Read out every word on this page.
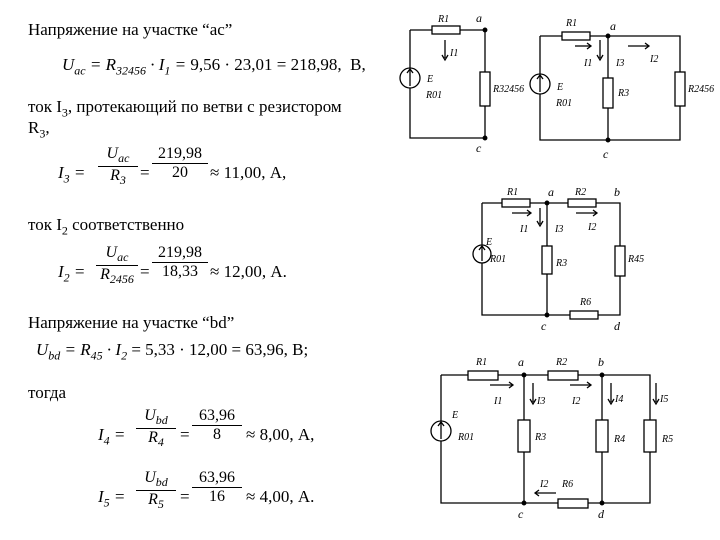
Напряжение на участке “ас”
$U_{ac} = R_{32456} \cdot I_1 = 9,56 \cdot 23,01 = 218,98$,  В,
ток $I_3$, протекающий по ветви с резистором
$R_3$,
$I_3$ =
$U_{ac}$
$R_3 = \frac{219,98}{20} \approx 11,00$, А,
ток $I_2$ соответственно
$I_2$ =
$U_{ac}$
$R_{2456} = \frac{219,98}{18,33} \approx 12,00$, А.
Напряжение на участке “bd”
$U_{bd} = R_{45} \cdot I_2 = 5,33 \cdot 12,00 = 63,96$, В;
тогда
$I_4$ =
$U_{bd}$
$R_4 = \frac{63,96}{8} \approx 8,00$, А,
$I_5$ =
$U_{bd}$
$R_5 = \frac{63,96}{16} \approx 4,00$, А.
R1 a
I1
E
R01
R32456
c
R1	a
I1 I3	I2
E
R01
R3	R2456
c
R1 a R2 b
I1	I3 I2
E
R01	R3	R45
R6
c	d
R1	a	R2	b
I1	I3	I2	I4	I5
E
R01	R3	R4	R5
I2 R6
c	d
